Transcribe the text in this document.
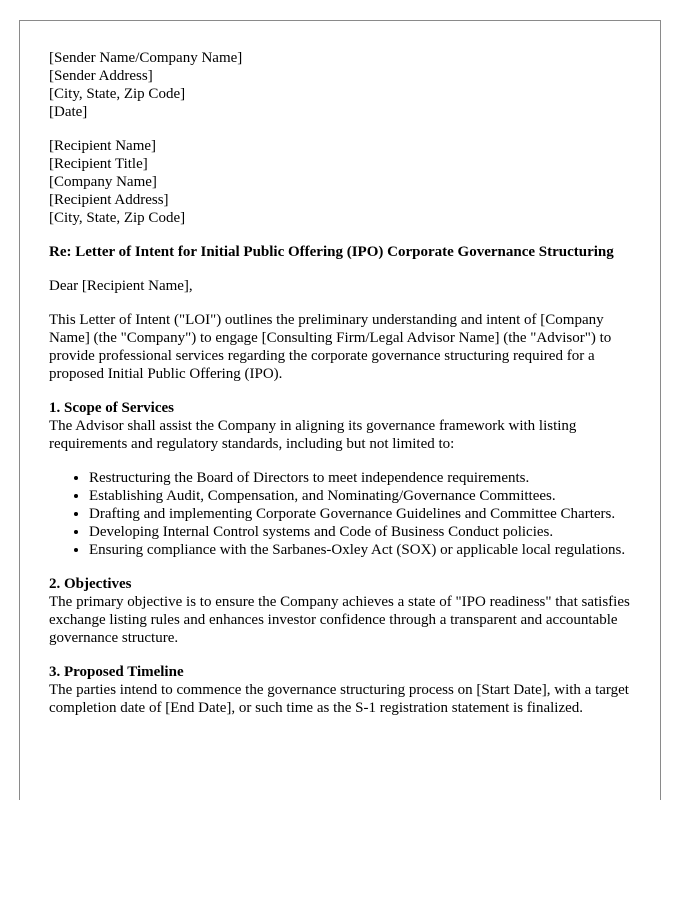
[Sender Name/Company Name]
[Sender Address]
[City, State, Zip Code]
[Date]
[Recipient Name]
[Recipient Title]
[Company Name]
[Recipient Address]
[City, State, Zip Code]
Re: Letter of Intent for Initial Public Offering (IPO) Corporate Governance Structuring

Dear [Recipient Name],

This Letter of Intent ("LOI") outlines the preliminary understanding and intent of [Company Name] (the "Company") to engage [Consulting Firm/Legal Advisor Name] (the "Advisor") to provide professional services regarding the corporate governance structuring required for a proposed Initial Public Offering (IPO).

1. Scope of Services

The Advisor shall assist the Company in aligning its governance framework with listing requirements and regulatory standards, including but not limited to:

• Restructuring the Board of Directors to meet independence requirements.
• Establishing Audit, Compensation, and Nominating/Governance Committees.
• Drafting and implementing Corporate Governance Guidelines and Committee Charters.
• Developing Internal Control systems and Code of Business Conduct policies.
• Ensuring compliance with the Sarbanes-Oxley Act (SOX) or applicable local regulations.
2. Objectives

The primary objective is to ensure the Company achieves a state of "IPO readiness" that satisfies exchange listing rules and enhances investor confidence through a transparent and accountable governance structure.

3. Proposed Timeline

The parties intend to commence the governance structuring process on [Start Date], with a target completion date of [End Date], or such time as the S-1 registration statement is finalized.
